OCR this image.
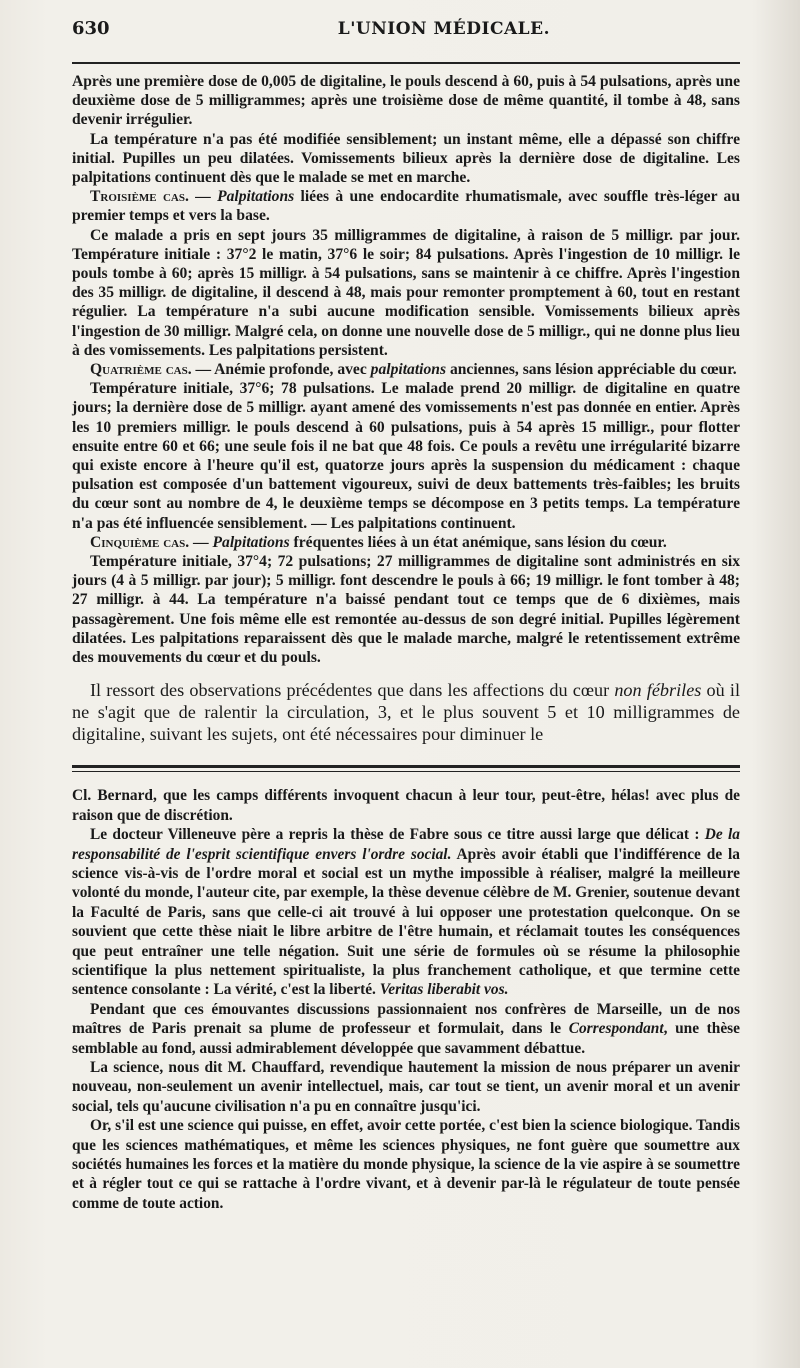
630	L'UNION MÉDICALE.

Après une première dose de 0,005 de digitaline, le pouls descend à 60, puis à 54 pulsations, après une deuxième dose de 5 milligrammes; après une troisième dose de même quantité, il tombe à 48, sans devenir irrégulier.

La température n'a pas été modifiée sensiblement; un instant même, elle a dépassé son chiffre initial. Pupilles un peu dilatées. Vomissements bilieux après la dernière dose de digitaline. Les palpitations continuent dès que le malade se met en marche.

Troisième cas. — Palpitations liées à une endocardite rhumatismale, avec souffle très-léger au premier temps et vers la base.

Ce malade a pris en sept jours 35 milligrammes de digitaline, à raison de 5 milligr. par jour. Température initiale : 37°2 le matin, 37°6 le soir; 84 pulsations. Après l'ingestion de 10 milligr. le pouls tombe à 60; après 15 milligr. à 54 pulsations, sans se maintenir à ce chiffre. Après l'ingestion des 35 milligr. de digitaline, il descend à 48, mais pour remonter promptement à 60, tout en restant régulier. La température n'a subi aucune modification sensible. Vomissements bilieux après l'ingestion de 30 milligr. Malgré cela, on donne une nouvelle dose de 5 milligr., qui ne donne plus lieu à des vomissements. Les palpitations persistent.

Quatrième cas. — Anémie profonde, avec palpitations anciennes, sans lésion appréciable du cœur.

Température initiale, 37°6; 78 pulsations. Le malade prend 20 milligr. de digitaline en quatre jours; la dernière dose de 5 milligr. ayant amené des vomissements n'est pas donnée en entier. Après les 10 premiers milligr. le pouls descend à 60 pulsations, puis à 54 après 15 milligr., pour flotter ensuite entre 60 et 66; une seule fois il ne bat que 48 fois. Ce pouls a revêtu une irrégularité bizarre qui existe encore à l'heure qu'il est, quatorze jours après la suspension du médicament : chaque pulsation est composée d'un battement vigoureux, suivi de deux battements très-faibles; les bruits du cœur sont au nombre de 4, le deuxième temps se décompose en 3 petits temps. La température n'a pas été influencée sensiblement. — Les palpitations continuent.

Cinquième cas. — Palpitations fréquentes liées à un état anémique, sans lésion du cœur.

Température initiale, 37°4; 72 pulsations; 27 milligrammes de digitaline sont administrés en six jours (4 à 5 milligr. par jour); 5 milligr. font descendre le pouls à 66; 19 milligr. le font tomber à 48; 27 milligr. à 44. La température n'a baissé pendant tout ce temps que de 6 dixièmes, mais passagèrement. Une fois même elle est remontée au-dessus de son degré initial. Pupilles légèrement dilatées. Les palpitations reparaissent dès que le malade marche, malgré le retentissement extrême des mouvements du cœur et du pouls.

Il ressort des observations précédentes que dans les affections du cœur non fébriles où il ne s'agit que de ralentir la circulation, 3, et le plus souvent 5 et 10 milligrammes de digitaline, suivant les sujets, ont été nécessaires pour diminuer le

Cl. Bernard, que les camps différents invoquent chacun à leur tour, peut-être, hélas! avec plus de raison que de discrétion.

Le docteur Villeneuve père a repris la thèse de Fabre sous ce titre aussi large que délicat : De la responsabilité de l'esprit scientifique envers l'ordre social. Après avoir établi que l'indifférence de la science vis-à-vis de l'ordre moral et social est un mythe impossible à réaliser, malgré la meilleure volonté du monde, l'auteur cite, par exemple, la thèse devenue célèbre de M. Grenier, soutenue devant la Faculté de Paris, sans que celle-ci ait trouvé à lui opposer une protestation quelconque. On se souvient que cette thèse niait le libre arbitre de l'être humain, et réclamait toutes les conséquences que peut entraîner une telle négation. Suit une série de formules où se résume la philosophie scientifique la plus nettement spiritualiste, la plus franchement catholique, et que termine cette sentence consolante : La vérité, c'est la liberté. Veritas liberabit vos.

Pendant que ces émouvantes discussions passionnaient nos confrères de Marseille, un de nos maîtres de Paris prenait sa plume de professeur et formulait, dans le Correspondant, une thèse semblable au fond, aussi admirablement développée que savamment débattue.

La science, nous dit M. Chauffard, revendique hautement la mission de nous préparer un avenir nouveau, non-seulement un avenir intellectuel, mais, car tout se tient, un avenir moral et un avenir social, tels qu'aucune civilisation n'a pu en connaître jusqu'ici.

Or, s'il est une science qui puisse, en effet, avoir cette portée, c'est bien la science biologique. Tandis que les sciences mathématiques, et même les sciences physiques, ne font guère que soumettre aux sociétés humaines les forces et la matière du monde physique, la science de la vie aspire à se soumettre et à régler tout ce qui se rattache à l'ordre vivant, et à devenir par-là le régulateur de toute pensée comme de toute action.
